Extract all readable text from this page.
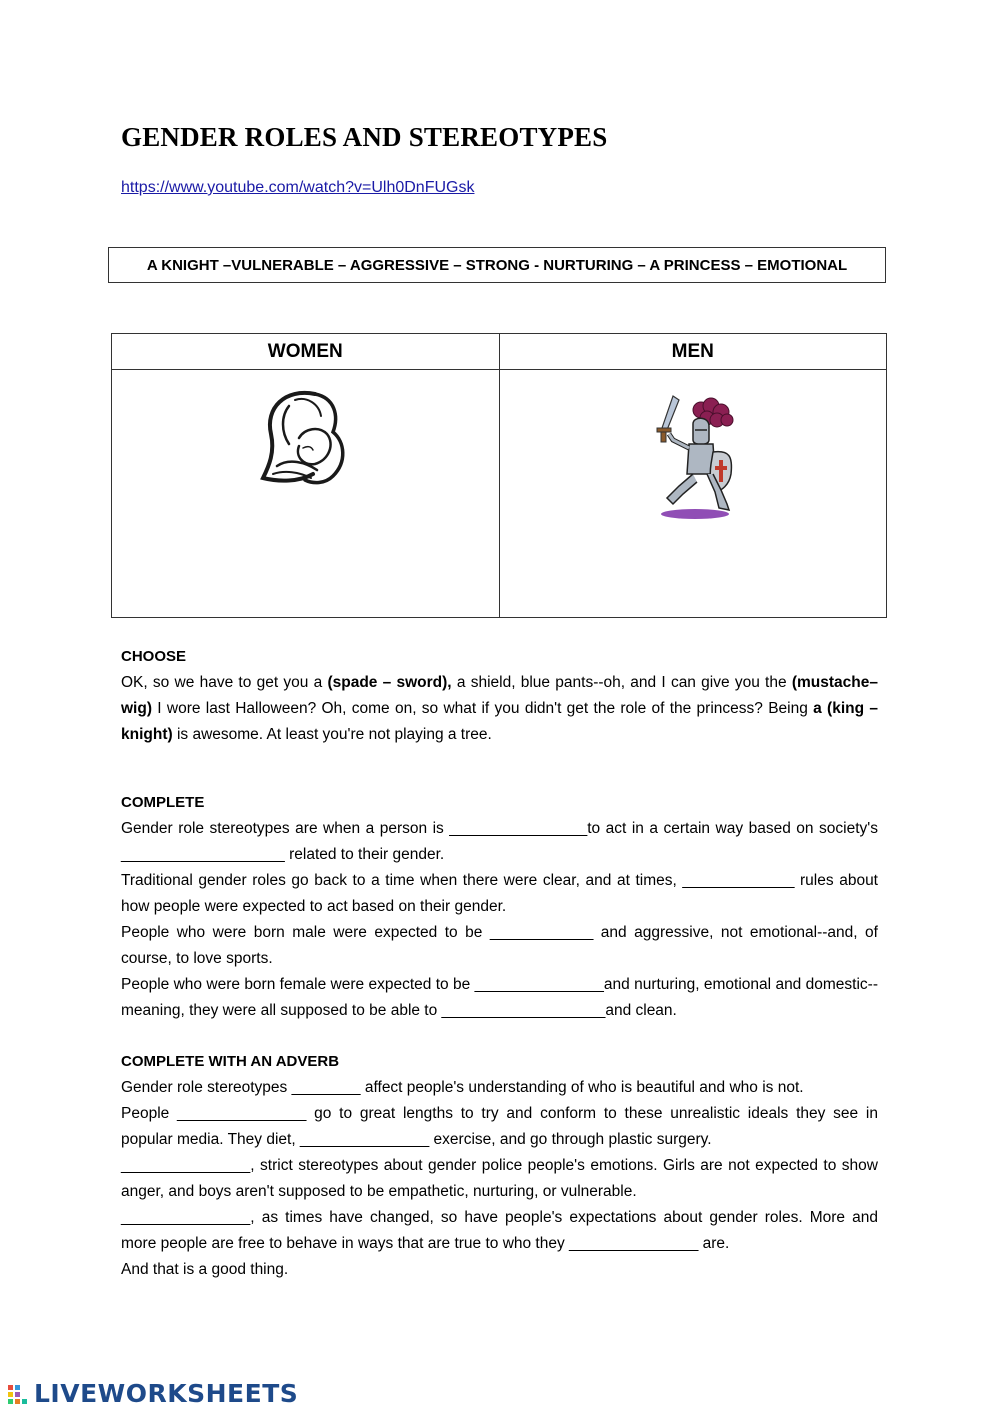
GENDER ROLES AND STEREOTYPES
https://www.youtube.com/watch?v=Ulh0DnFUGsk
A KNIGHT –VULNERABLE – AGGRESSIVE – STRONG - NURTURING – A PRINCESS – EMOTIONAL
WOMEN	MEN

CHOOSE

OK, so we have to get you a (spade – sword), a shield, blue pants--oh, and I can give you the (mustache–wig) I wore last Halloween? Oh, come on, so what if you didn't get the role of the princess? Being a (king –knight) is awesome. At least you're not playing a tree.

COMPLETE

Gender role stereotypes are when a person is ________________to act in a certain way based on society's ___________________ related to their gender.

Traditional gender roles go back to a time when there were clear, and at times, _____________ rules about how people were expected to act based on their gender.

People who were born male were expected to be ____________ and aggressive, not emotional--and, of course, to love sports.

People who were born female were expected to be _______________and nurturing, emotional and domestic-- meaning, they were all supposed to be able to ___________________and clean.

COMPLETE WITH AN ADVERB

Gender role stereotypes ________ affect people's understanding of who is beautiful and who is not.

People _______________ go to great lengths to try and conform to these unrealistic ideals they see in popular media. They diet, _______________ exercise, and go through plastic surgery.

_______________, strict stereotypes about gender police people's emotions. Girls are not expected to show anger, and boys aren't supposed to be empathetic, nurturing, or vulnerable.

_______________, as times have changed, so have people's expectations about gender roles. More and more people are free to behave in ways that are true to who they _______________ are.

And that is a good thing.

LIVEWORKSHEETS
